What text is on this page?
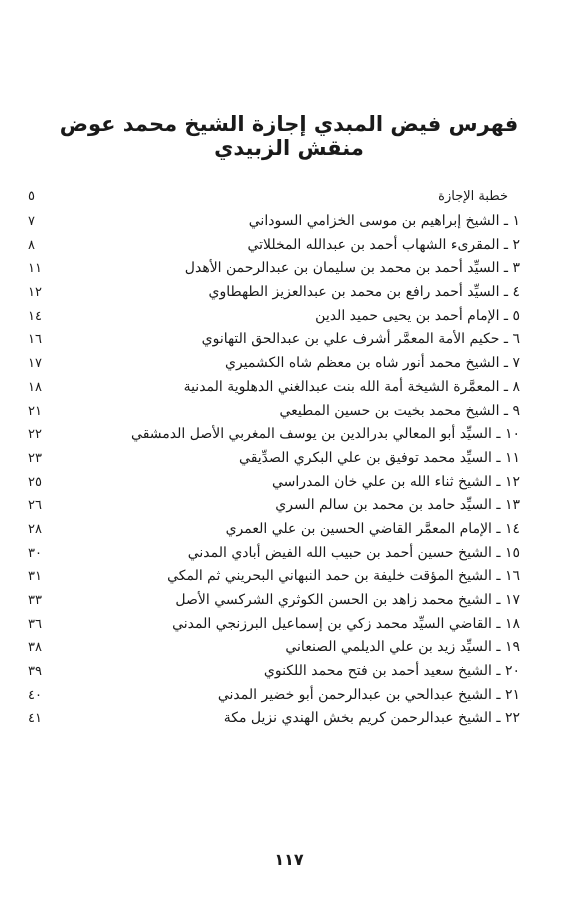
فهرس فيض المبدي إجازة الشيخ محمد عوض منقش الزبيدي
خطبة الإجازة
٥
١ ـ الشيخ إبراهيم بن موسى الخزامي السوداني
٧
٢ ـ المقرىء الشهاب أحمد بن عبدالله المخللاتي
٨
٣ ـ السيِّد أحمد بن محمد بن سليمان بن عبدالرحمن الأهدل
١١
٤ ـ السيِّد أحمد رافع بن محمد بن عبدالعزيز الطهطاوي
١٢
٥ ـ الإمام أحمد بن يحيى حميد الدين
١٤
٦ ـ حكيم الأمة المعمَّر أشرف علي بن عبدالحق التهانوي
١٦
٧ ـ الشيخ محمد أنور شاه بن معظم شاه الكشميري
١٧
٨ ـ المعمَّرة الشيخة أمة الله بنت عبدالغني الدهلوية المدنية
١٨
٩ ـ الشيخ محمد بخيت بن حسين المطيعي
٢١
١٠ ـ السيِّد أبو المعالي بدرالدين بن يوسف المغربي الأصل الدمشقي
٢٢
١١ ـ السيِّد محمد توفيق بن علي البكري الصدِّيقي
٢٣
١٢ ـ الشيخ ثناء الله بن علي خان المدراسي
٢٥
١٣ ـ السيِّد حامد بن محمد بن سالم السري
٢٦
١٤ ـ الإمام المعمَّر القاضي الحسين بن علي العمري
٢٨
١٥ ـ الشيخ حسين أحمد بن حبيب الله الفيض أبادي المدني
٣٠
١٦ ـ الشيخ المؤقت خليفة بن حمد النبهاني البحريني ثم المكي
٣١
١٧ ـ الشيخ محمد زاهد بن الحسن الكوثري الشركسي الأصل
٣٣
١٨ ـ القاضي السيِّد محمد زكي بن إسماعيل البرزنجي المدني
٣٦
١٩ ـ السيِّد زيد بن علي الديلمي الصنعاني
٣٨
٢٠ ـ الشيخ سعيد أحمد بن فتح محمد اللكنوي
٣٩
٢١ ـ الشيخ عبدالحي بن عبدالرحمن أبو خضير المدني
٤٠
٢٢ ـ الشيخ عبدالرحمن كريم بخش الهندي نزيل مكة
٤١
١١٧
